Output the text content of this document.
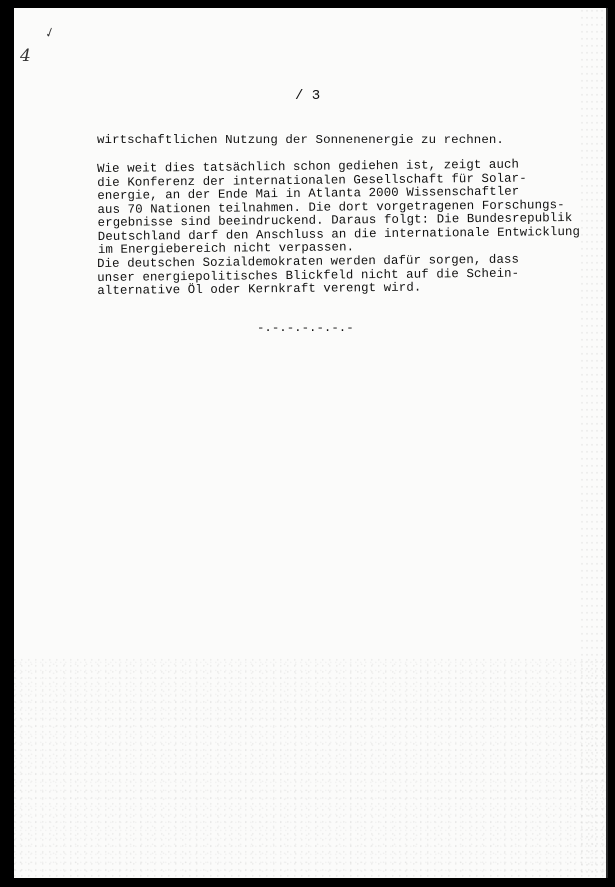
4
✓
/ 3
wirtschaftlichen Nutzung der Sonnenenergie zu rechnen.
Wie weit dies tatsächlich schon gediehen ist, zeigt auch
die Konferenz der internationalen Gesellschaft für Solar-
energie, an der Ende Mai in Atlanta 2000 Wissenschaftler
aus 70 Nationen teilnahmen. Die dort vorgetragenen Forschungs-
ergebnisse sind beeindruckend. Daraus folgt: Die Bundesrepublik
Deutschland darf den Anschluss an die internationale Entwicklung
im Energiebereich nicht verpassen.
Die deutschen Sozialdemokraten werden dafür sorgen, dass
unser energiepolitisches Blickfeld nicht auf die Schein-
alternative Öl oder Kernkraft verengt wird.
-.-.-.-.-.-.-
